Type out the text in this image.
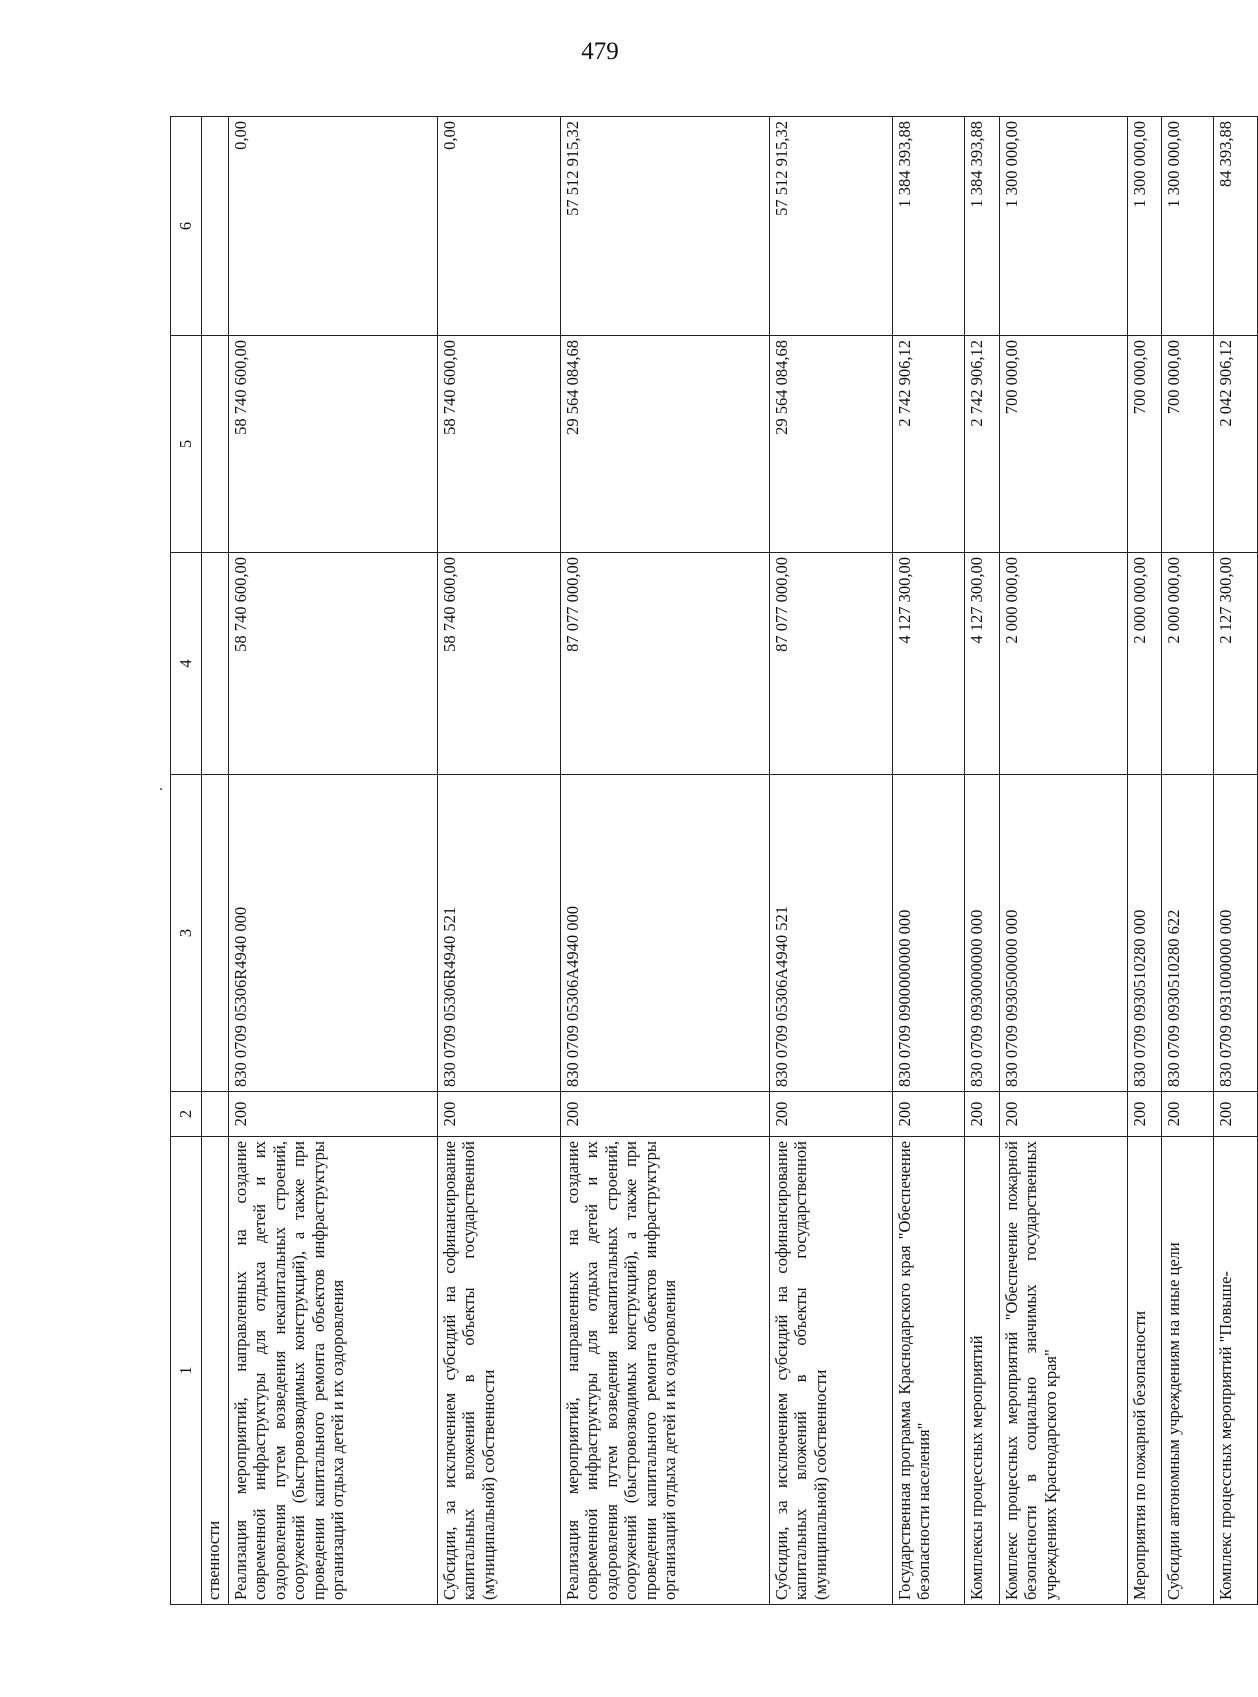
479
1	2	3	4	5	6
ственности					
Реализация мероприятий, направленных на создание современной инфраструктуры для отдыха детей и их оздоровления путем возведения некапитальных строений, сооружений (быстровозводимых конструкций), а также при проведении капитального ремонта объектов инфраструктуры организаций отдыха детей и их оздоровления	200	830 0709 05306R4940 000	58 740 600,00	58 740 600,00	0,00
Субсидии, за исключением субсидий на софинансирование капитальных вложений в объекты государственной (муниципальной) собственности	200	830 0709 05306R4940 521	58 740 600,00	58 740 600,00	0,00
Реализация мероприятий, направленных на создание современной инфраструктуры для отдыха детей и их оздоровления путем возведения некапитальных строений, сооружений (быстровозводимых конструкций), а также при проведении капитального ремонта объектов инфраструктуры организаций отдыха детей и их оздоровления	200	830 0709 05306A4940 000	87 077 000,00	29 564 084,68	57 512 915,32
Субсидии, за исключением субсидий на софинансирование капитальных вложений в объекты государственной (муниципальной) собственности	200	830 0709 05306A4940 521	87 077 000,00	29 564 084,68	57 512 915,32
Государственная программа Краснодарского края "Обеспечение безопасности населения"	200	830 0709 0900000000 000	4 127 300,00	2 742 906,12	1 384 393,88
Комплексы процессных мероприятий	200	830 0709 0930000000 000	4 127 300,00	2 742 906,12	1 384 393,88
Комплекс процессных мероприятий "Обеспечение пожарной безопасности в социально значимых государственных учреждениях Краснодарского края"	200	830 0709 0930500000 000	2 000 000,00	700 000,00	1 300 000,00
Мероприятия по пожарной безопасности	200	830 0709 0930510280 000	2 000 000,00	700 000,00	1 300 000,00
Субсидии автономным учреждениям на иные цели	200	830 0709 0930510280 622	2 000 000,00	700 000,00	1 300 000,00
Комплекс процессных мероприятий "Повыше-	200	830 0709 0931000000 000	2 127 300,00	2 042 906,12	84 393,88
